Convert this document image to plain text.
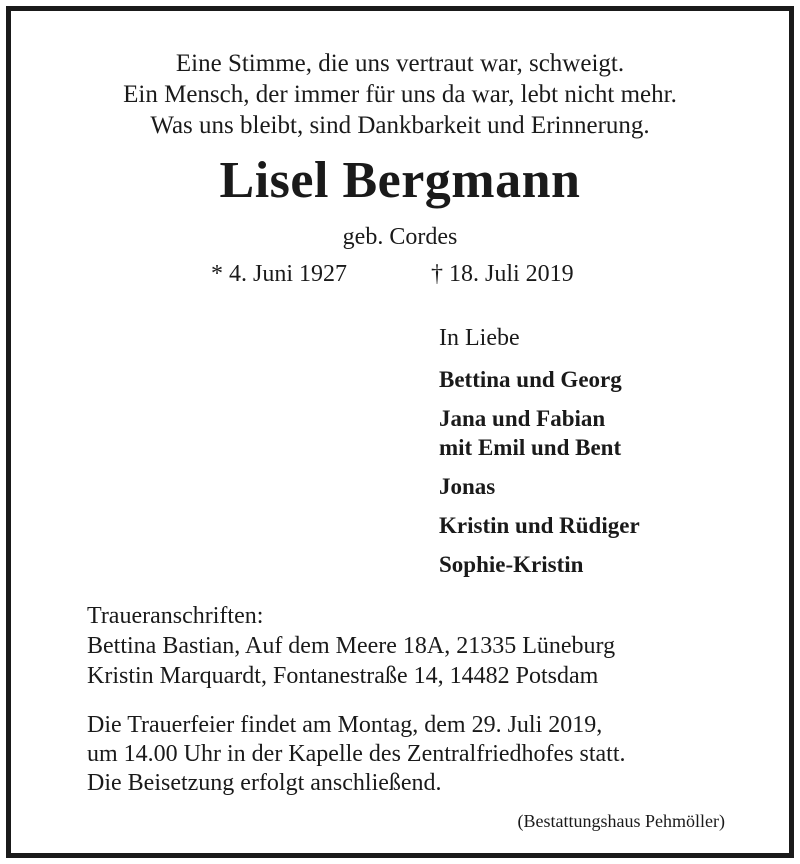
Eine Stimme, die uns vertraut war, schweigt.
Ein Mensch, der immer für uns da war, lebt nicht mehr.
Was uns bleibt, sind Dankbarkeit und Erinnerung.
Lisel Bergmann
geb. Cordes
* 4. Juni 1927	† 18. Juli 2019
In Liebe
Bettina und Georg
Jana und Fabian
mit Emil und Bent
Jonas
Kristin und Rüdiger
Sophie-Kristin
Traueranschriften:
Bettina Bastian, Auf dem Meere 18A, 21335 Lüneburg
Kristin Marquardt, Fontanestraße 14, 14482 Potsdam
Die Trauerfeier findet am Montag, dem 29. Juli 2019,
um 14.00 Uhr in der Kapelle des Zentralfriedhofes statt.
Die Beisetzung erfolgt anschließend.
(Bestattungshaus Pehmöller)
